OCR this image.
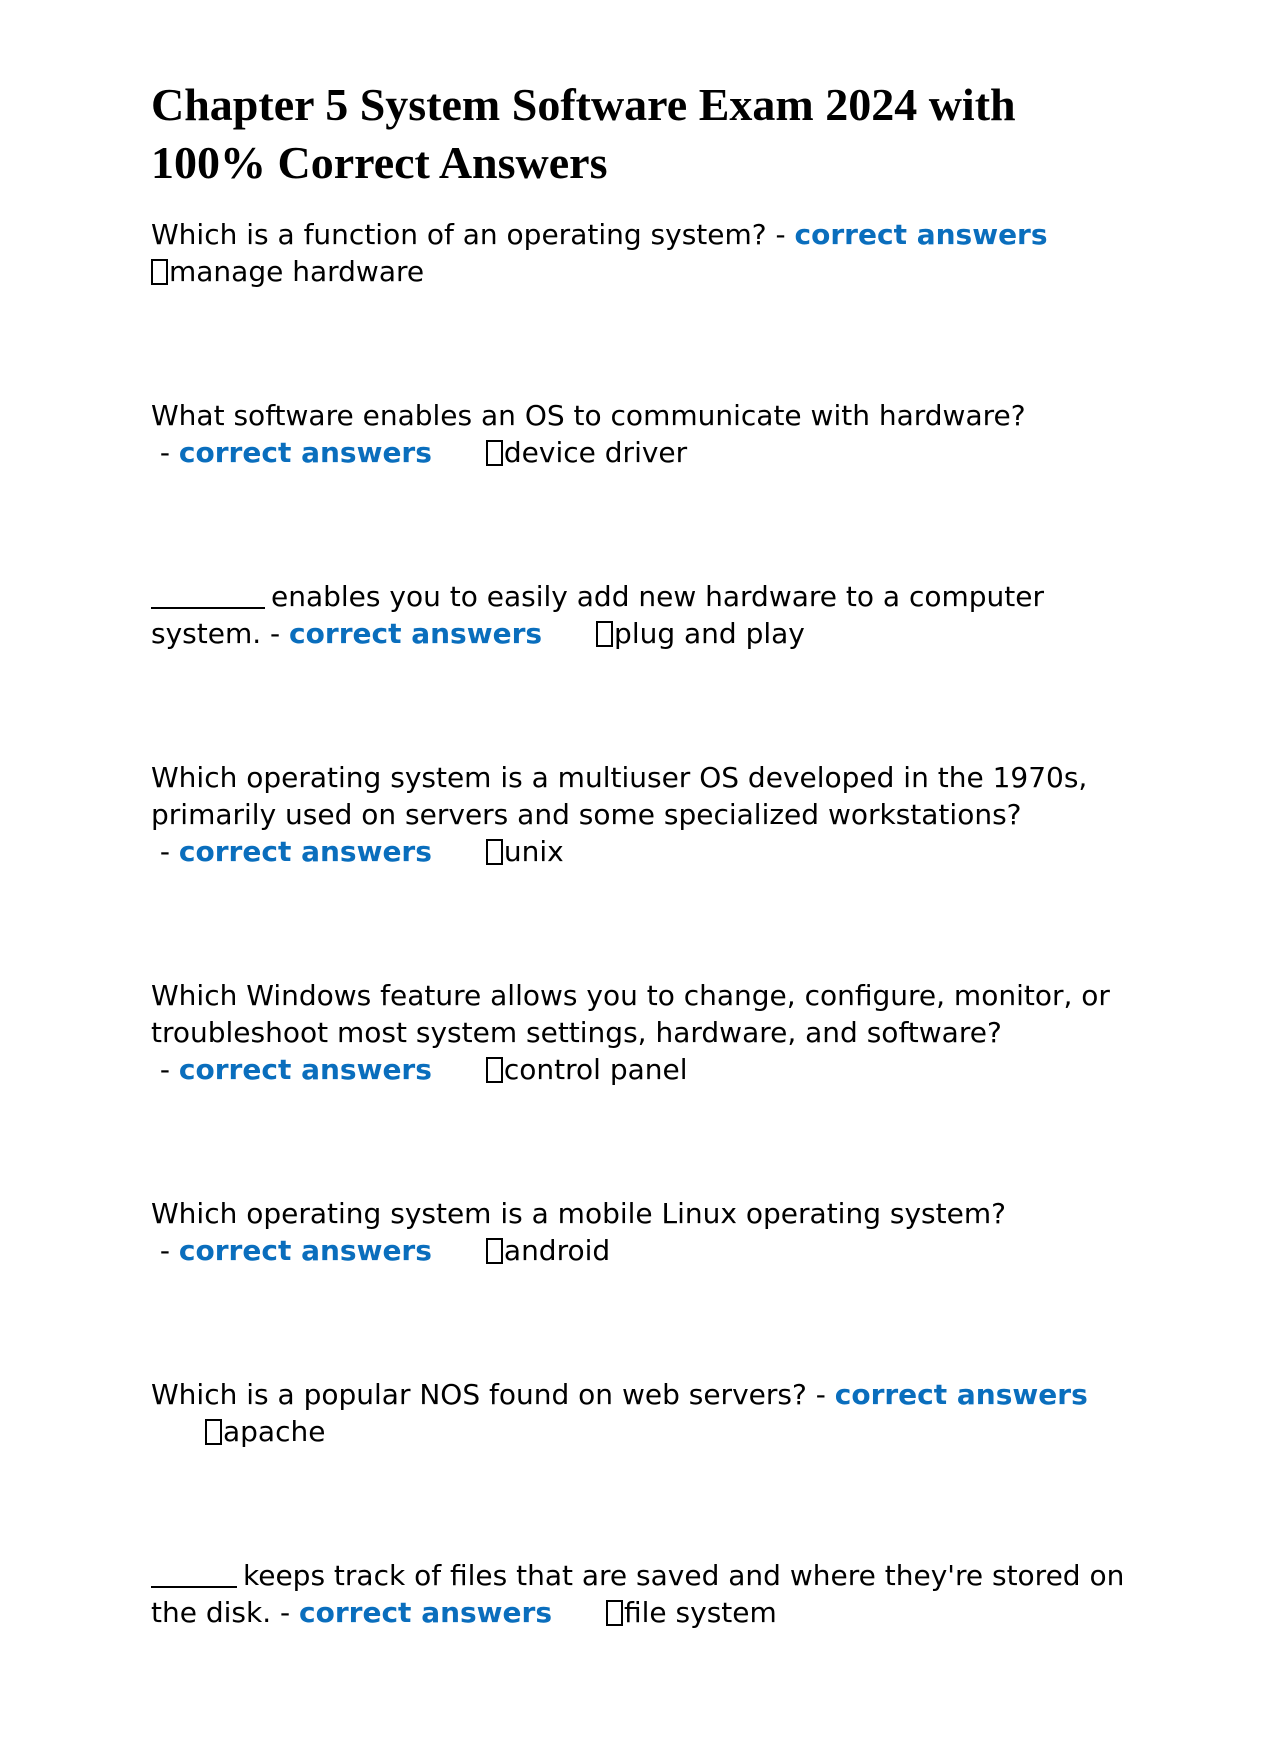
Chapter 5 System Software Exam 2024 with 100% Correct Answers
Which is a function of an operating system? - correct answers
manage hardware
What software enables an OS to communicate with hardware? - correct answers	device driver
enables you to easily add new hardware to a computer system. - correct answers	plug and play
Which operating system is a multiuser OS developed in the 1970s, primarily used on servers and some specialized workstations? - correct answers	unix
Which Windows feature allows you to change, configure, monitor, or troubleshoot most system settings, hardware, and software? - correct answers	control panel
Which operating system is a mobile Linux operating system? - correct answers	android
Which is a popular NOS found on web servers? - correct answersapache
keeps track of files that are saved and where they're stored on the disk. - correct answers	file system
